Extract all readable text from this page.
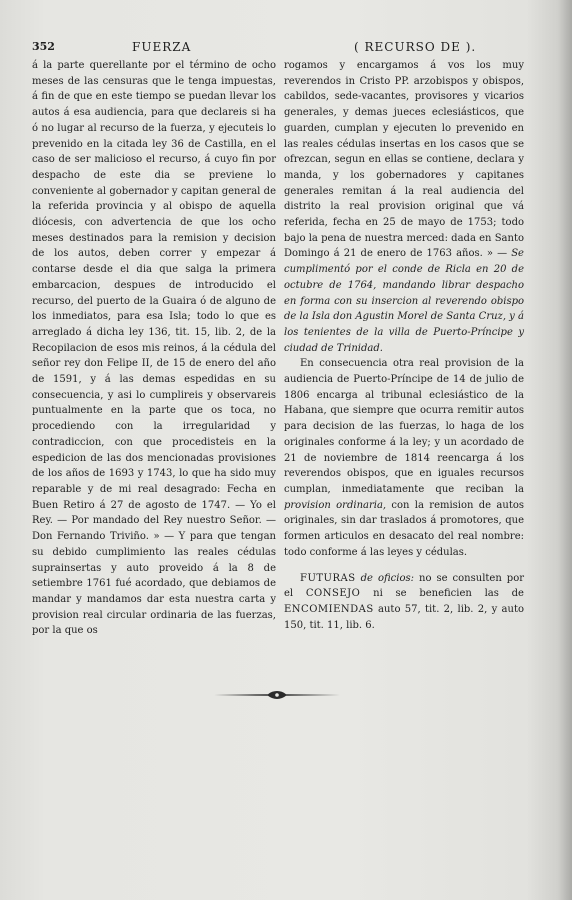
352	FUERZA	( RECURSO DE ).

á la parte querellante por el término de ocho meses de las censuras que le tenga impuestas, á fin de que en este tiempo se puedan llevar los autos á esa audiencia, para que declareis si ha ó no lugar al recurso de la fuerza, y ejecuteis lo prevenido en la citada ley 36 de Castilla, en el caso de ser malicioso el recurso, á cuyo fin por despacho de este dia se previene lo conveniente al gobernador y capitan general de la referida provincia y al obispo de aquella diócesis, con advertencia de que los ocho meses destinados para la remision y decision de los autos, deben correr y empezar á contarse desde el dia que salga la primera embarcacion, despues de introducido el recurso, del puerto de la Guaira ó de alguno de los inmediatos, para esa Isla; todo lo que es arreglado á dicha ley 136, tit. 15, lib. 2, de la Recopilacion de esos mis reinos, á la cédula del señor rey don Felipe II, de 15 de enero del año de 1591, y á las demas espedidas en su consecuencia, y asi lo cumplireis y observareis puntualmente en la parte que os toca, no procediendo con la irregularidad y contradiccion, con que procedisteis en la espedicion de las dos mencionadas provisiones de los años de 1693 y 1743, lo que ha sido muy reparable y de mi real desagrado: Fecha en Buen Retiro á 27 de agosto de 1747. — Yo el Rey. — Por mandado del Rey nuestro Señor. — Don Fernando Triviño. » — Y para que tengan su debido cumplimiento las reales cédulas suprainsertas y auto proveido á la 8 de setiembre 1761 fué acordado, que debiamos de mandar y mandamos dar esta nuestra carta y provision real circular ordinaria de las fuerzas, por la que os

rogamos y encargamos á vos los muy reverendos in Cristo PP. arzobispos y obispos, cabildos, sede-vacantes, provisores y vicarios generales, y demas jueces eclesiásticos, que guarden, cumplan y ejecuten lo prevenido en las reales cédulas insertas en los casos que se ofrezcan, segun en ellas se contiene, declara y manda, y los gobernadores y capitanes generales remitan á la real audiencia del distrito la real provision original que vá referida, fecha en 25 de mayo de 1753; todo bajo la pena de nuestra merced: dada en Santo Domingo á 21 de enero de 1763 años. » — Se cumplimentó por el conde de Ricla en 20 de octubre de 1764, mandando librar despacho en forma con su insercion al reverendo obispo de la Isla don Agustin Morel de Santa Cruz, y á los tenientes de la villa de Puerto-Príncipe y ciudad de Trinidad.

En consecuencia otra real provision de la audiencia de Puerto-Príncipe de 14 de julio de 1806 encarga al tribunal eclesiástico de la Habana, que siempre que ocurra remitir autos para decision de las fuerzas, lo haga de los originales conforme á la ley; y un acordado de 21 de noviembre de 1814 reencarga á los reverendos obispos, que en iguales recursos cumplan, inmediatamente que reciban la provision ordinaria, con la remision de autos originales, sin dar traslados á promotores, que formen articulos en desacato del real nombre: todo conforme á las leyes y cédulas.

FUTURAS de oficios: no se consulten por el CONSEJO ni se beneficien las de ENCOMIENDAS auto 57, tit. 2, lib. 2, y auto 150, tit. 11, lib. 6.
